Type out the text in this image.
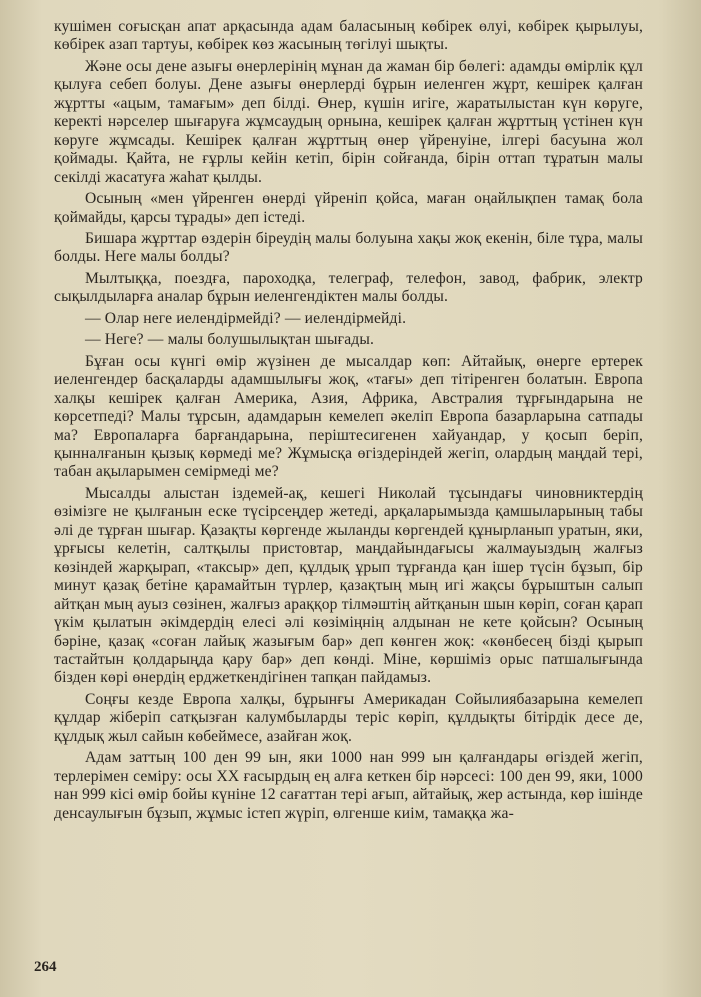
кушімен соғысқан апат арқасында адам баласының көбірек өлуі, көбірек қырылуы, көбірек азап тартуы, көбірек көз жасының төгілуі шықты.

Және осы дене азығы өнерлерінің мұнан да жаман бір бөлегі: адамды өмірлік құл қылуға себеп болуы. Дене азығы өнерлерді бұрын иеленген жұрт, кешірек қалған жұртты «ацым, тамағым» деп білді. Өнер, күшін игіге, жаратылыстан күн көруге, керекті нәрселер шығаруға жұмсаудың орнына, кешірек қалған жұрттың үстінен күн көруге жұмсады. Кешірек қалған жұрттың өнер үйренуіне, ілгері басуына жол қоймады. Қайта, не ғұрлы кейін кетіп, бірін сойғанда, бірін оттап тұратын малы секілді жасатуға жаһат қылды.

Осының «мен үйренген өнерді үйреніп қойса, маған оңайлықпен тамақ бола қоймайды, қарсы тұрады» деп істеді.

Бишара жұрттар өздерін біреудің малы болуына хақы жоқ екенін, біле тұра, малы болды. Неге малы болды?

Мылтыққа, поездға, пароходқа, телеграф, телефон, завод, фабрик, электр сықылдыларға аналар бұрын иеленгендіктен малы болды.

— Олар неге иелендірмейді? — иелендірмейді.

— Неге? — малы болушылықтан шығады.

Бұған осы күнгі өмір жүзінен де мысалдар көп: Айтайық, өнерге ертерек иеленгендер басқаларды адамшылығы жоқ, «тағы» деп тітіренген болатын. Европа халқы кешірек қалған Америка, Азия, Африка, Австралия тұрғындарына не көрсетпеді? Малы тұрсын, адамдарын кемелеп әкеліп Европа базарларына сатпады ма? Европаларға барғандарына, періштесигенен хайуандар, у қосып беріп, қынналғанын қызық көрмеді ме? Жұмысқа өгіздеріндей жегіп, олардың маңдай тері, табан ақыларымен семірмеді ме?

Мысалды алыстан іздемей-ақ, кешегі Николай тұсындағы чиновниктердің өзімізге не қылғанын еске түсірсеңдер жетеді, арқаларымызда қамшыларының табы әлі де тұрған шығар. Қазақты көргенде жыланды көргендей құнырланып уратын, яки, ұрғысы келетін, салтқылы пристовтар, маңдайындағысы жалмауыздың жалғыз көзіндей жарқырап, «таксыр» деп, құлдық ұрып тұрғанда қан ішер түсін бұзып, бір минут қазақ бетіне қарамайтын түрлер, қазақтың мың игі жақсы бұрыштын салып айтқан мың ауыз сөзінен, жалғыз араққор тілмәштің айтқанын шын көріп, соған қарап үкім қылатын әкімдердің елесі әлі көзіміңнің алдынан не кете қойсын? Осының бәріне, қазақ «соған лайық жазығым бар» деп көнген жоқ: «көнбесең бізді қырып тастайтын қолдарыңда қару бар» деп көнді. Міне, көршіміз орыс патшалығында бізден көрі өнердің ерджеткендігінен тапқан пайдамыз.

Соңғы кезде Европа халқы, бұрынғы Америкадан Сойылиябазарына кемелеп құлдар жіберіп сатқызған калумбыларды теріс көріп, құлдықты бітірдік десе де, құлдық жыл сайын көбеймесе, азайған жоқ.

Адам заттың 100 ден 99 ын, яки 1000 нан 999 ын қалғандары өгіздей жегіп, терлерімен семіру: осы XX ғасырдың ең алға кеткен бір нәрсесі: 100 ден 99, яки, 1000 нан 999 кісі өмір бойы күніне 12 сағаттан тері ағып, айтайық, жер астында, көр ішінде денсаулығын бұзып, жұмыс істеп жүріп, өлгенше киім, тамаққа жа-

264
